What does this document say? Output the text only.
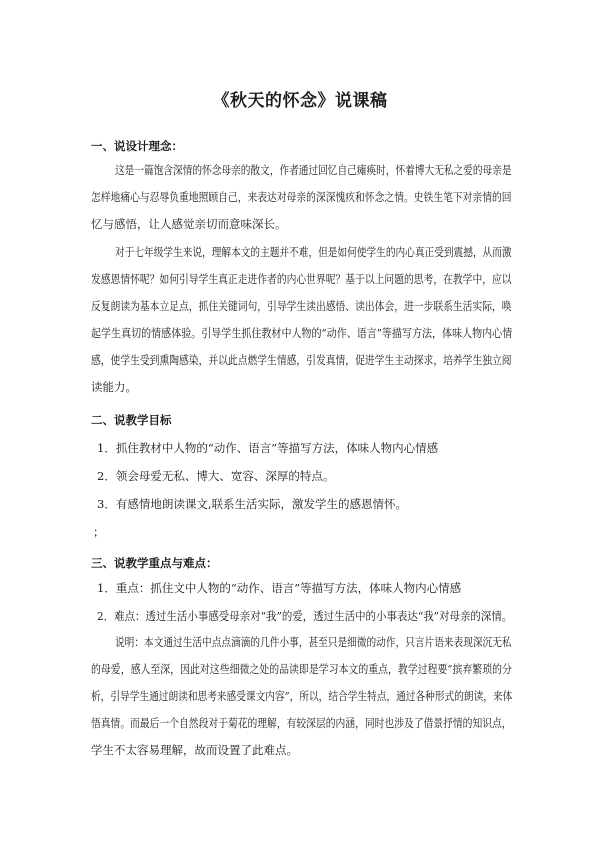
《秋天的怀念》说课稿
一、说设计理念：
这是一篇饱含深情的怀念母亲的散文，作者通过回忆自己瘫痪时，怀着博大无私之爱的母亲是
怎样地痛心与忍辱负重地照顾自己，来表达对母亲的深深愧疚和怀念之情。史铁生笔下对亲情的回
忆与感悟，让人感觉亲切而意味深长。
对于七年级学生来说，理解本文的主题并不难，但是如何使学生的内心真正受到震撼，从而激
发感恩情怀呢？如何引导学生真正走进作者的内心世界呢？基于以上问题的思考，在教学中，应以
反复朗读为基本立足点，抓住关键词句，引导学生读出感悟、读出体会，进一步联系生活实际，唤
起学生真切的情感体验。引导学生抓住教材中人物的“动作、语言”等描写方法，体味人物内心情
感，使学生受到熏陶感染，并以此点燃学生情感，引发真情，促进学生主动探求，培养学生独立阅
读能力。
二、说教学目标
1．抓住教材中人物的“动作、语言”等描写方法，体味人物内心情感
2．领会母爱无私、博大、宽容、深厚的特点。
3．有感情地朗读课文,联系生活实际，激发学生的感恩情怀。
；
三、说教学重点与难点：
1．重点：抓住文中人物的“动作、语言”等描写方法，体味人物内心情感
2．难点：透过生活小事感受母亲对“我”的爱，透过生活中的小事表达“我”对母亲的深情。
说明：本文通过生活中点点滴滴的几件小事，甚至只是细微的动作，只言片语来表现深沉无私
的母爱，感人至深，因此对这些细微之处的品读即是学习本文的重点，教学过程要“摈弃繁琐的分
析，引导学生通过朗读和思考来感受课文内容”，所以，结合学生特点，通过各种形式的朗读，来体
悟真情。而最后一个自然段对于菊花的理解，有较深层的内涵，同时也涉及了借景抒情的知识点，
学生不太容易理解，故而设置了此难点。
